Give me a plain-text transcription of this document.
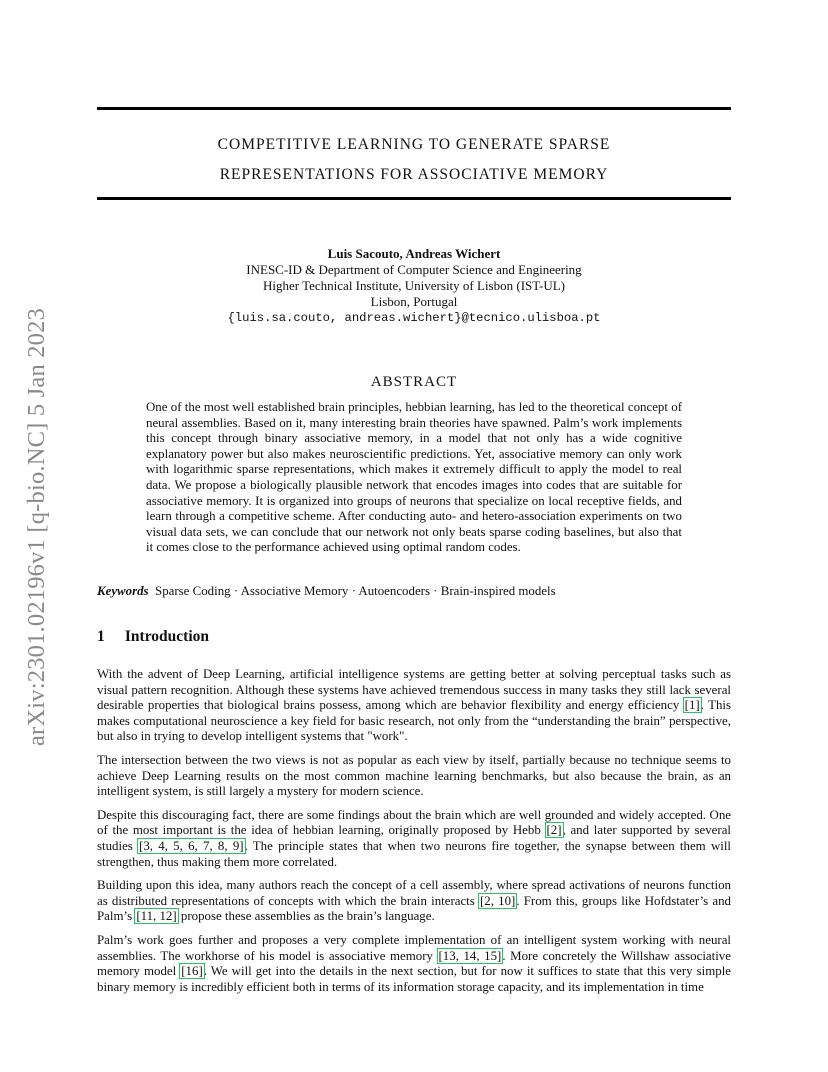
arXiv:2301.02196v1 [q-bio.NC] 5 Jan 2023
COMPETITIVE LEARNING TO GENERATE SPARSE
REPRESENTATIONS FOR ASSOCIATIVE MEMORY
Luis Sacouto, Andreas Wichert
INESC-ID & Department of Computer Science and Engineering
Higher Technical Institute, University of Lisbon (IST-UL)
Lisbon, Portugal
{luis.sa.couto, andreas.wichert}@tecnico.ulisboa.pt
ABSTRACT

One of the most well established brain principles, hebbian learning, has led to the theoretical concept of neural assemblies. Based on it, many interesting brain theories have spawned. Palm’s work implements this concept through binary associative memory, in a model that not only has a wide cognitive explanatory power but also makes neuroscientific predictions. Yet, associative memory can only work with logarithmic sparse representations, which makes it extremely difficult to apply the model to real data. We propose a biologically plausible network that encodes images into codes that are suitable for associative memory. It is organized into groups of neurons that specialize on local receptive fields, and learn through a competitive scheme. After conducting auto- and hetero-association experiments on two visual data sets, we can conclude that our network not only beats sparse coding baselines, but also that it comes close to the performance achieved using optimal random codes.

Keywords Sparse Coding · Associative Memory · Autoencoders · Brain-inspired models
1 Introduction

With the advent of Deep Learning, artificial intelligence systems are getting better at solving perceptual tasks such as visual pattern recognition. Although these systems have achieved tremendous success in many tasks they still lack several desirable properties that biological brains possess, among which are behavior flexibility and energy efficiency [1]. This makes computational neuroscience a key field for basic research, not only from the “understanding the brain” perspective, but also in trying to develop intelligent systems that "work".

The intersection between the two views is not as popular as each view by itself, partially because no technique seems to achieve Deep Learning results on the most common machine learning benchmarks, but also because the brain, as an intelligent system, is still largely a mystery for modern science.

Despite this discouraging fact, there are some findings about the brain which are well grounded and widely accepted. One of the most important is the idea of hebbian learning, originally proposed by Hebb [2], and later supported by several studies [3, 4, 5, 6, 7, 8, 9]. The principle states that when two neurons fire together, the synapse between them will strengthen, thus making them more correlated.

Building upon this idea, many authors reach the concept of a cell assembly, where spread activations of neurons function as distributed representations of concepts with which the brain interacts [2, 10]. From this, groups like Hofdstater’s and Palm’s [11, 12] propose these assemblies as the brain’s language.

Palm’s work goes further and proposes a very complete implementation of an intelligent system working with neural assemblies. The workhorse of his model is associative memory [13, 14, 15]. More concretely the Willshaw associative memory model [16]. We will get into the details in the next section, but for now it suffices to state that this very simple binary memory is incredibly efficient both in terms of its information storage capacity, and its implementation in time
